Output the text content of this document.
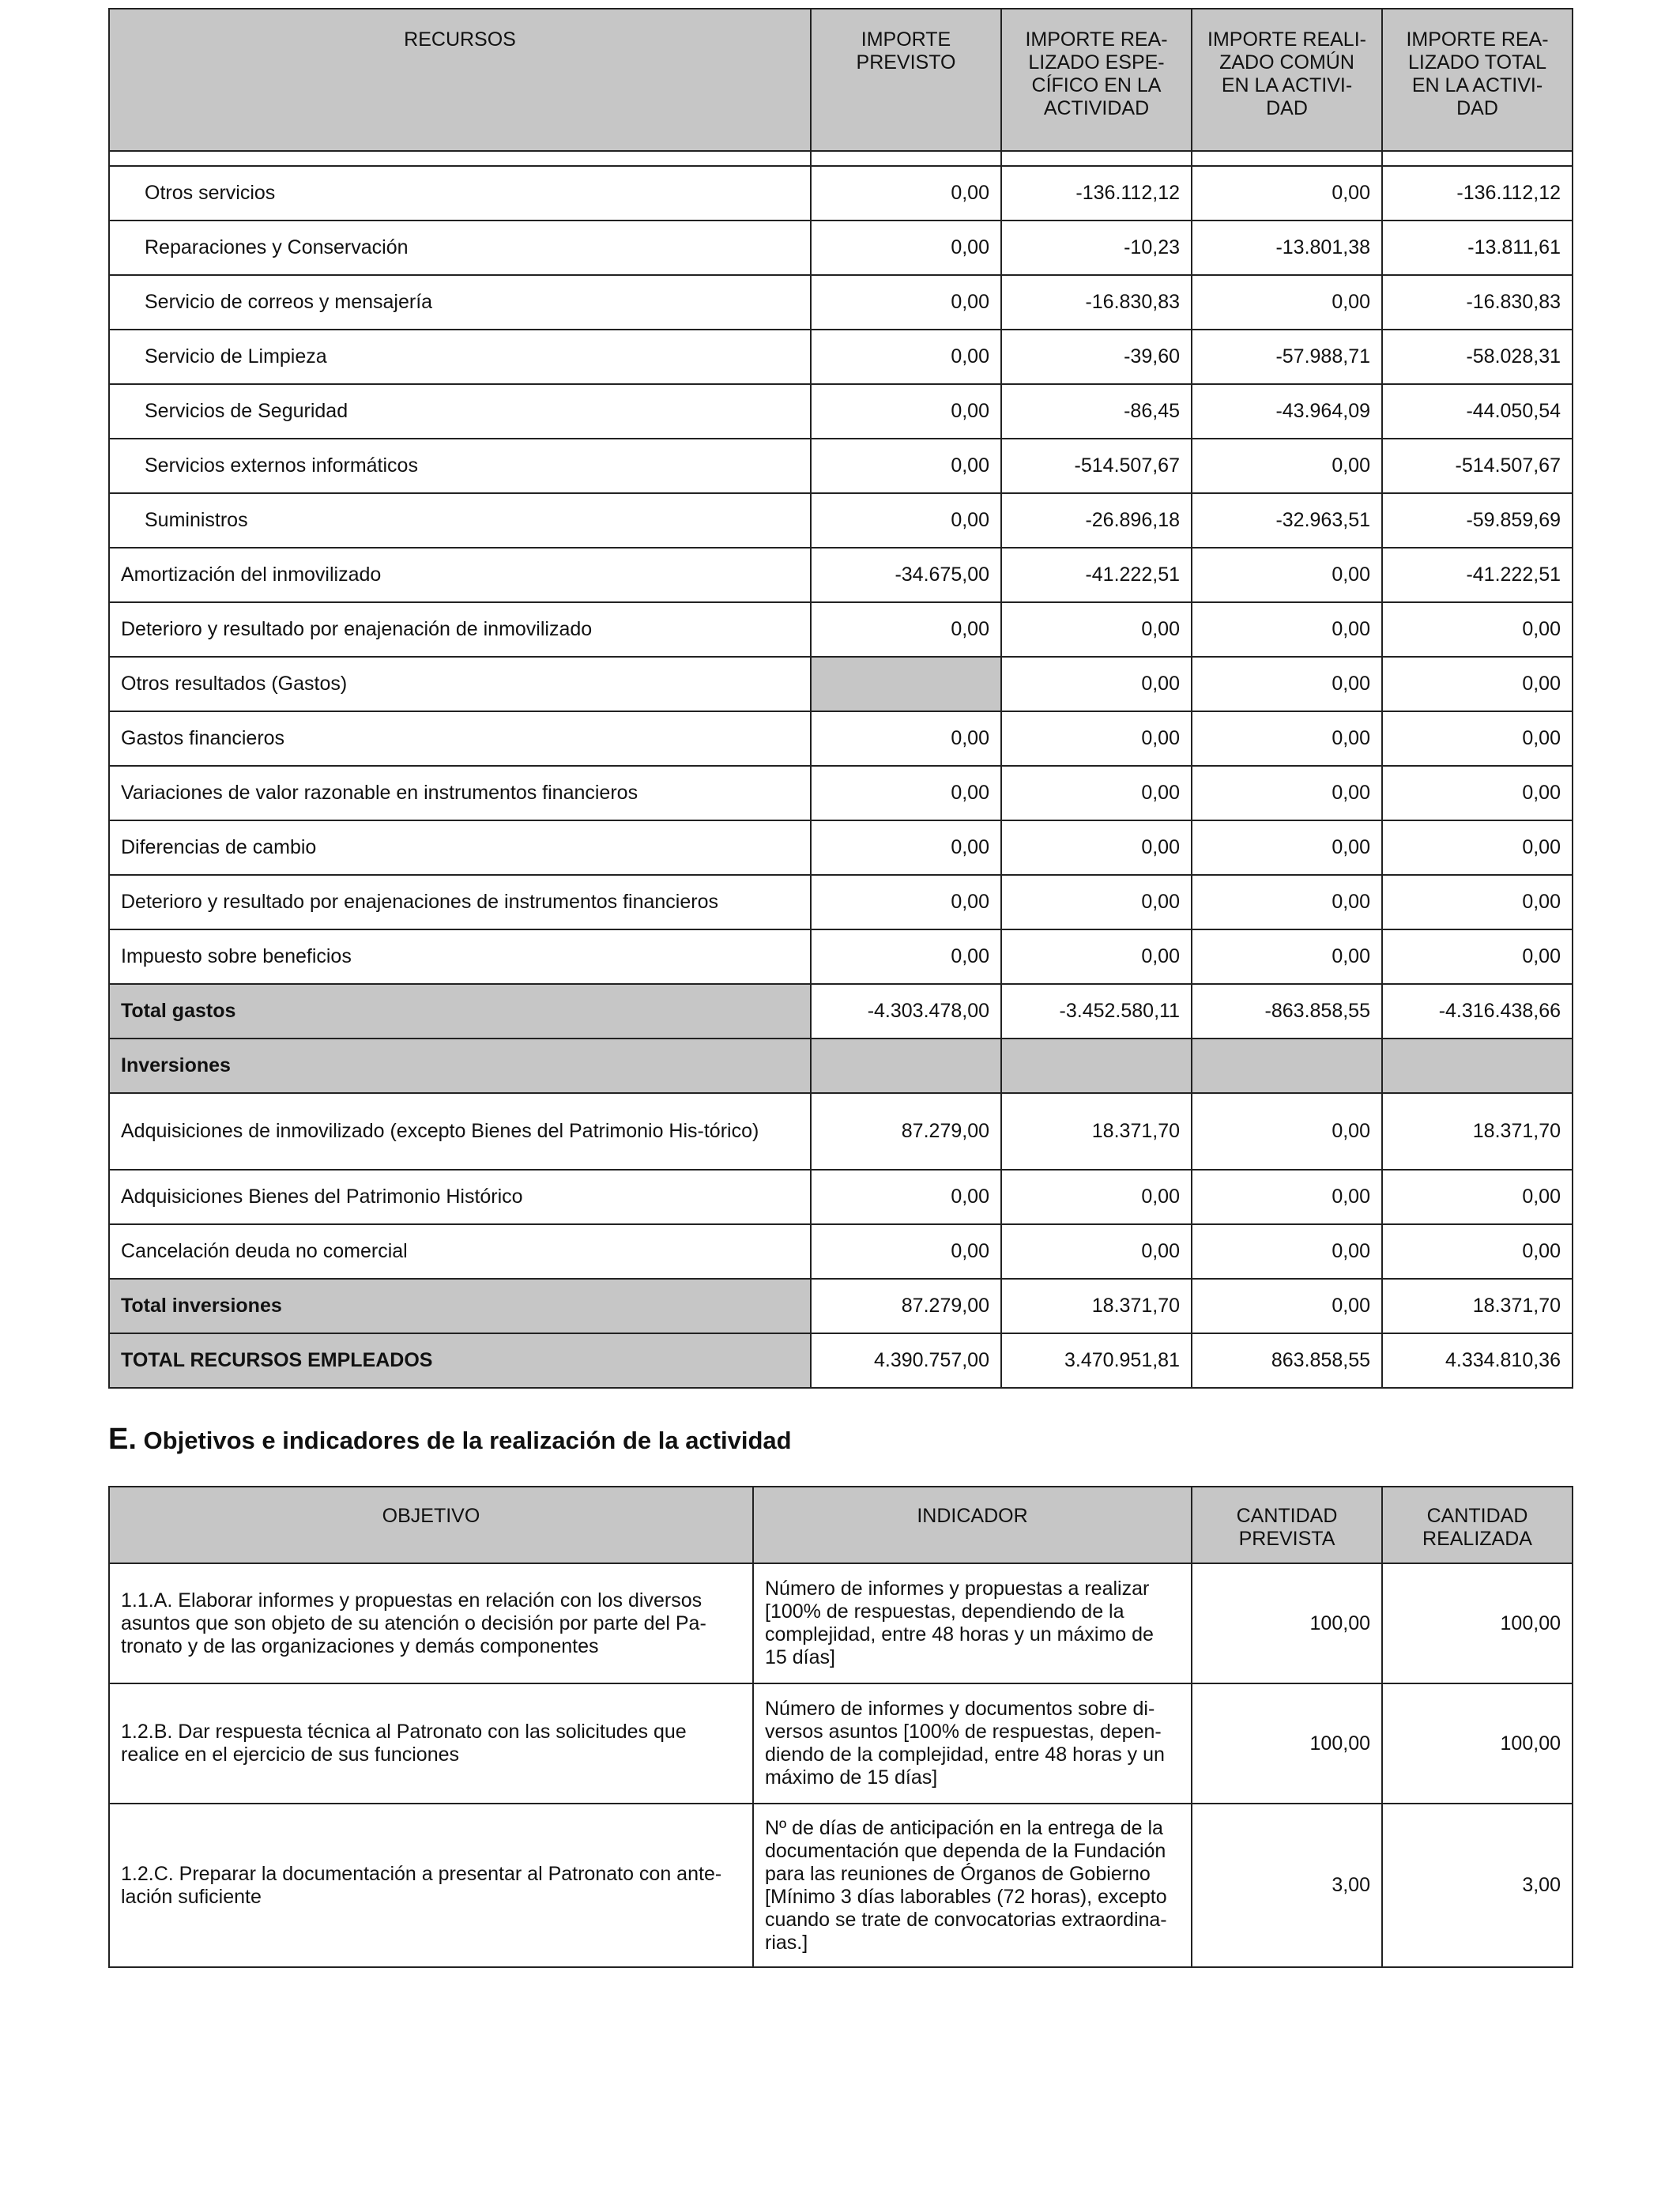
RECURSOS	IMPORTE PREVISTO	IMPORTE REA-LIZADO ESPE-CÍFICO EN LA ACTIVIDAD	IMPORTE REALI-ZADO COMÚN EN LA ACTIVI-DAD	IMPORTE REA-LIZADO TOTAL EN LA ACTIVI-DAD

Otros servicios	0,00	-136.112,12	0,00	-136.112,12
Reparaciones y Conservación	0,00	-10,23	-13.801,38	-13.811,61
Servicio de correos y mensajería	0,00	-16.830,83	0,00	-16.830,83
Servicio de Limpieza	0,00	-39,60	-57.988,71	-58.028,31
Servicios de Seguridad	0,00	-86,45	-43.964,09	-44.050,54
Servicios externos informáticos	0,00	-514.507,67	0,00	-514.507,67
Suministros	0,00	-26.896,18	-32.963,51	-59.859,69
Amortización del inmovilizado	-34.675,00	-41.222,51	0,00	-41.222,51
Deterioro y resultado por enajenación de inmovilizado	0,00	0,00	0,00	0,00
Otros resultados (Gastos)		0,00	0,00	0,00
Gastos financieros	0,00	0,00	0,00	0,00
Variaciones de valor razonable en instrumentos financieros	0,00	0,00	0,00	0,00
Diferencias de cambio	0,00	0,00	0,00	0,00
Deterioro y resultado por enajenaciones de instrumentos financieros	0,00	0,00	0,00	0,00
Impuesto sobre beneficios	0,00	0,00	0,00	0,00
Total gastos	-4.303.478,00	-3.452.580,11	-863.858,55	-4.316.438,66
Inversiones				
Adquisiciones de inmovilizado (excepto Bienes del Patrimonio His-tórico)	87.279,00	18.371,70	0,00	18.371,70
Adquisiciones Bienes del Patrimonio Histórico	0,00	0,00	0,00	0,00
Cancelación deuda no comercial	0,00	0,00	0,00	0,00
Total inversiones	87.279,00	18.371,70	0,00	18.371,70
TOTAL RECURSOS EMPLEADOS	4.390.757,00	3.470.951,81	863.858,55	4.334.810,36
E. Objetivos e indicadores de la realización de la actividad
OBJETIVO	INDICADOR	CANTIDAD PREVISTA	CANTIDAD REALIZADA
1.1.A. Elaborar informes y propuestas en relación con los diversos asuntos que son objeto de su atención o decisión por parte del Pa-tronato y de las organizaciones y demás componentes	Número de informes y propuestas a realizar [100% de respuestas, dependiendo de la complejidad, entre 48 horas y un máximo de 15 días]	100,00	100,00
1.2.B. Dar respuesta técnica al Patronato con las solicitudes que realice en el ejercicio de sus funciones	Número de informes y documentos sobre di-versos asuntos [100% de respuestas, depen-diendo de la complejidad, entre 48 horas y un máximo de 15 días]	100,00	100,00
1.2.C. Preparar la documentación a presentar al Patronato con ante-lación suficiente	Nº de días de anticipación en la entrega de la documentación que dependa de la Fundación para las reuniones de Órganos de Gobierno [Mínimo 3 días laborables (72 horas), excepto cuando se trate de convocatorias extraordina-rias.]	3,00	3,00
